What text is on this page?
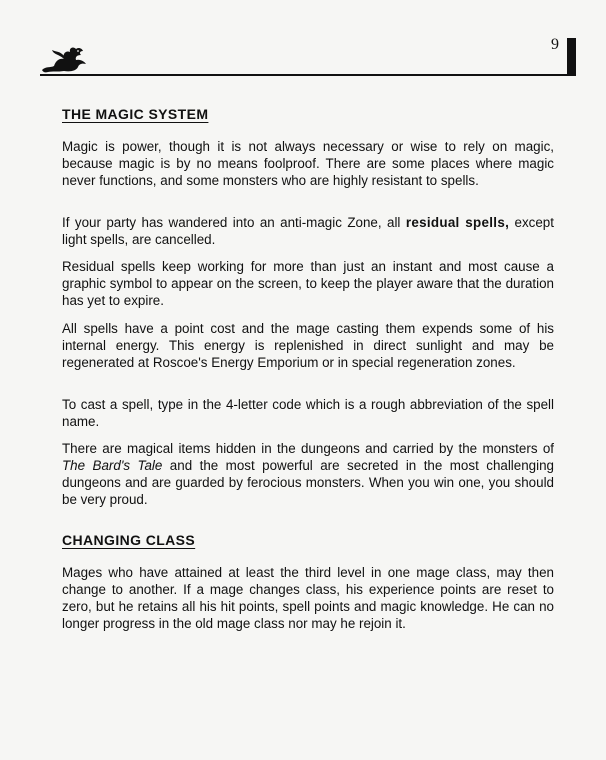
9
THE MAGIC SYSTEM

Magic is power, though it is not always necessary or wise to rely on magic, because magic is by no means foolproof. There are some places where magic never functions, and some monsters who are highly resistant to spells.

If your party has wandered into an anti-magic Zone, all residual spells, except light spells, are cancelled.

Residual spells keep working for more than just an instant and most cause a graphic symbol to appear on the screen, to keep the player aware that the duration has yet to expire.

All spells have a point cost and the mage casting them expends some of his internal energy. This energy is replenished in direct sunlight and may be regenerated at Roscoe's Energy Emporium or in special regeneration zones.

To cast a spell, type in the 4-letter code which is a rough abbreviation of the spell name.

There are magical items hidden in the dungeons and carried by the monsters of The Bard's Tale and the most powerful are secreted in the most challenging dungeons and are guarded by ferocious monsters. When you win one, you should be very proud.

CHANGING CLASS

Mages who have attained at least the third level in one mage class, may then change to another. If a mage changes class, his experience points are reset to zero, but he retains all his hit points, spell points and magic knowledge. He can no longer progress in the old mage class nor may he rejoin it.
